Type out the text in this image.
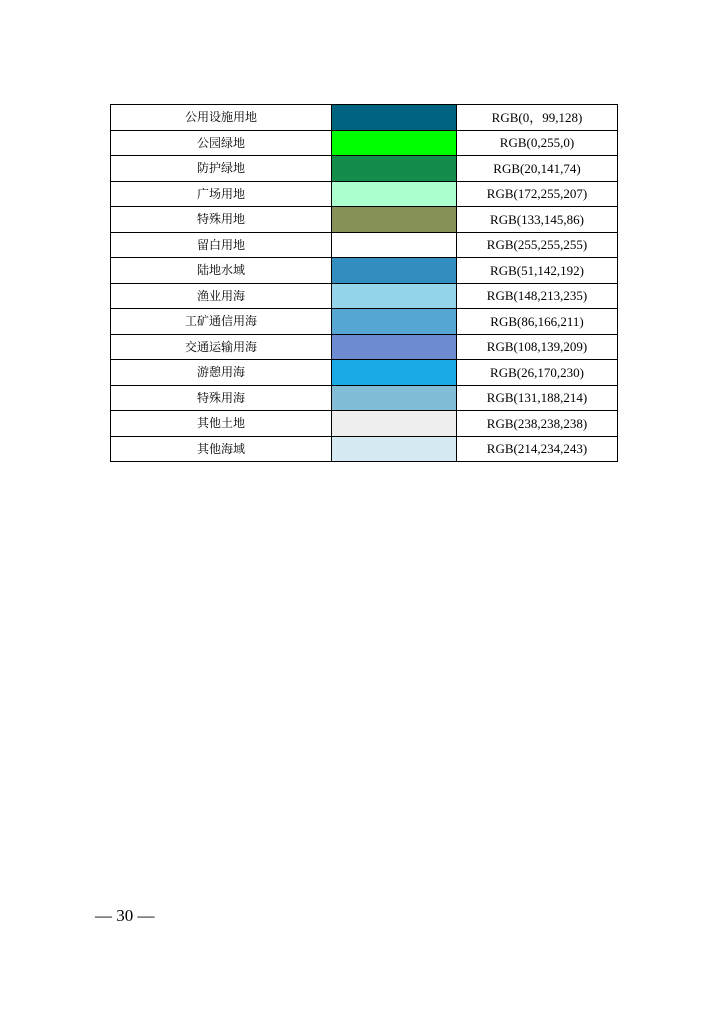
公用设施用地		RGB(0，99,128)
公园绿地		RGB(0,255,0)
防护绿地		RGB(20,141,74)
广场用地		RGB(172,255,207)
特殊用地		RGB(133,145,86)
留白用地		RGB(255,255,255)
陆地水域		RGB(51,142,192)
渔业用海		RGB(148,213,235)
工矿通信用海		RGB(86,166,211)
交通运输用海		RGB(108,139,209)
游憩用海		RGB(26,170,230)
特殊用海		RGB(131,188,214)
其他土地		RGB(238,238,238)
其他海域		RGB(214,234,243)
— 30 —
